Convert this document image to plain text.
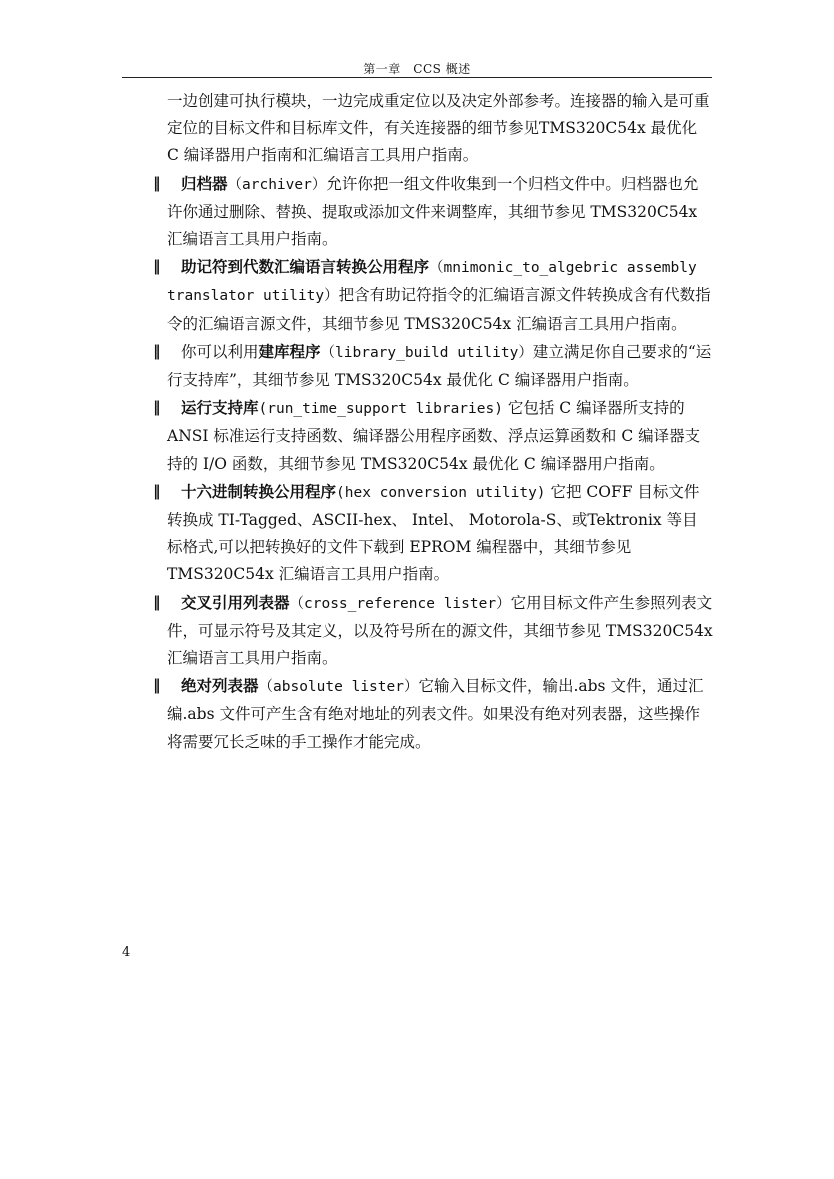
第一章　CCS 概述

一边创建可执行模块，一边完成重定位以及决定外部参考。连接器的输入是可重定位的目标文件和目标库文件，有关连接器的细节参见TMS320C54x 最优化 C 编译器用户指南和汇编语言工具用户指南。

‖ 归档器（archiver）允许你把一组文件收集到一个归档文件中。归档器也允许你通过删除、替换、提取或添加文件来调整库，其细节参见 TMS320C54x 汇编语言工具用户指南。

‖ 助记符到代数汇编语言转换公用程序（mnimonic_to_algebric assembly translator utility）把含有助记符指令的汇编语言源文件转换成含有代数指令的汇编语言源文件，其细节参见 TMS320C54x 汇编语言工具用户指南。

‖ 你可以利用建库程序（library_build utility）建立满足你自己要求的“运行支持库”，其细节参见 TMS320C54x 最优化 C 编译器用户指南。

‖ 运行支持库(run_time_support libraries) 它包括 C 编译器所支持的 ANSI 标准运行支持函数、编译器公用程序函数、浮点运算函数和 C 编译器支持的 I/O 函数，其细节参见 TMS320C54x 最优化 C 编译器用户指南。

‖ 十六进制转换公用程序(hex conversion utility) 它把 COFF 目标文件转换成 TI-Tagged、ASCII-hex、 Intel、 Motorola-S、或Tektronix 等目标格式,可以把转换好的文件下载到 EPROM 编程器中，其细节参见 TMS320C54x 汇编语言工具用户指南。

‖ 交叉引用列表器（cross_reference lister）它用目标文件产生参照列表文件，可显示符号及其定义，以及符号所在的源文件，其细节参见 TMS320C54x 汇编语言工具用户指南。

‖ 绝对列表器（absolute lister）它输入目标文件，输出.abs 文件，通过汇编.abs 文件可产生含有绝对地址的列表文件。如果没有绝对列表器，这些操作将需要冗长乏味的手工操作才能完成。

4
